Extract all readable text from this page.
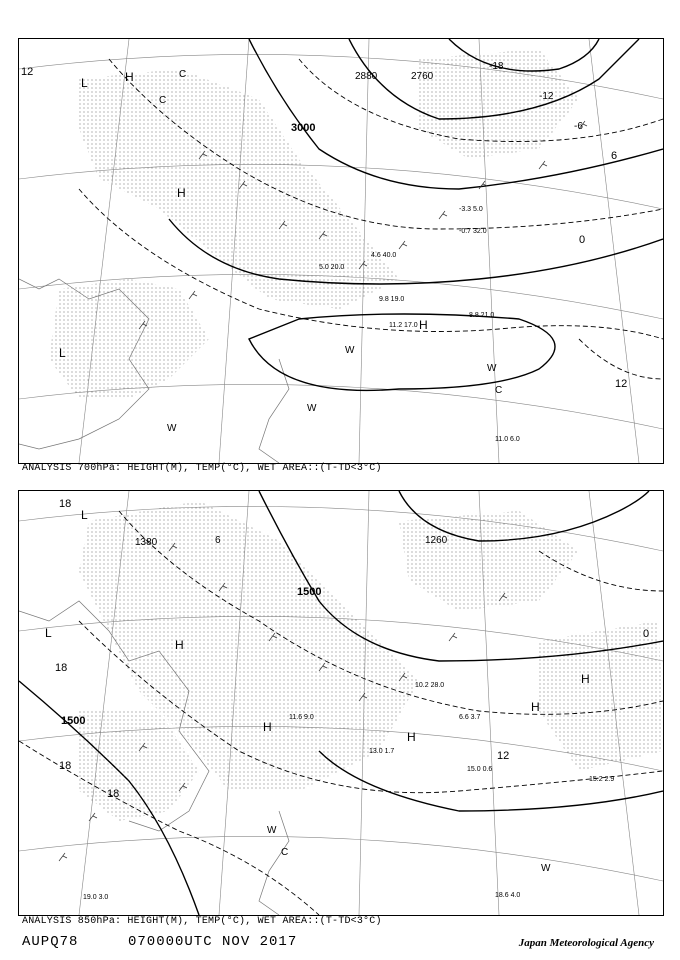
3000
2880	2760
12
6
0
-6
-12
-18
12
L	H
H
L
H
C
C
W
W
C
W
W
11.2 17.0
8.8 21.0
9.8 19.0
11.0 6.0
5.0 20.0
4.6 40.0
-0.7 32.0
-3.3 5.0
ANALYSIS 700hPa: HEIGHT(M), TEMP(°C), WET AREA::(T-TD<3°C)
1500
1500
1380	1260
18
18
18
18
12
0
6
L
H
H
H
L
H
H
W
C
W
13.0 1.7
15.0 0.6
18.6 4.0
19.0 3.0
10.2 28.0
15.2 2.9
6.6 3.7
11.6 9.0
ANALYSIS 850hPa: HEIGHT(M), TEMP(°C), WET AREA::(T-TD<3°C)
AUPQ78	070000UTC NOV 2017	Japan Meteorological Agency
